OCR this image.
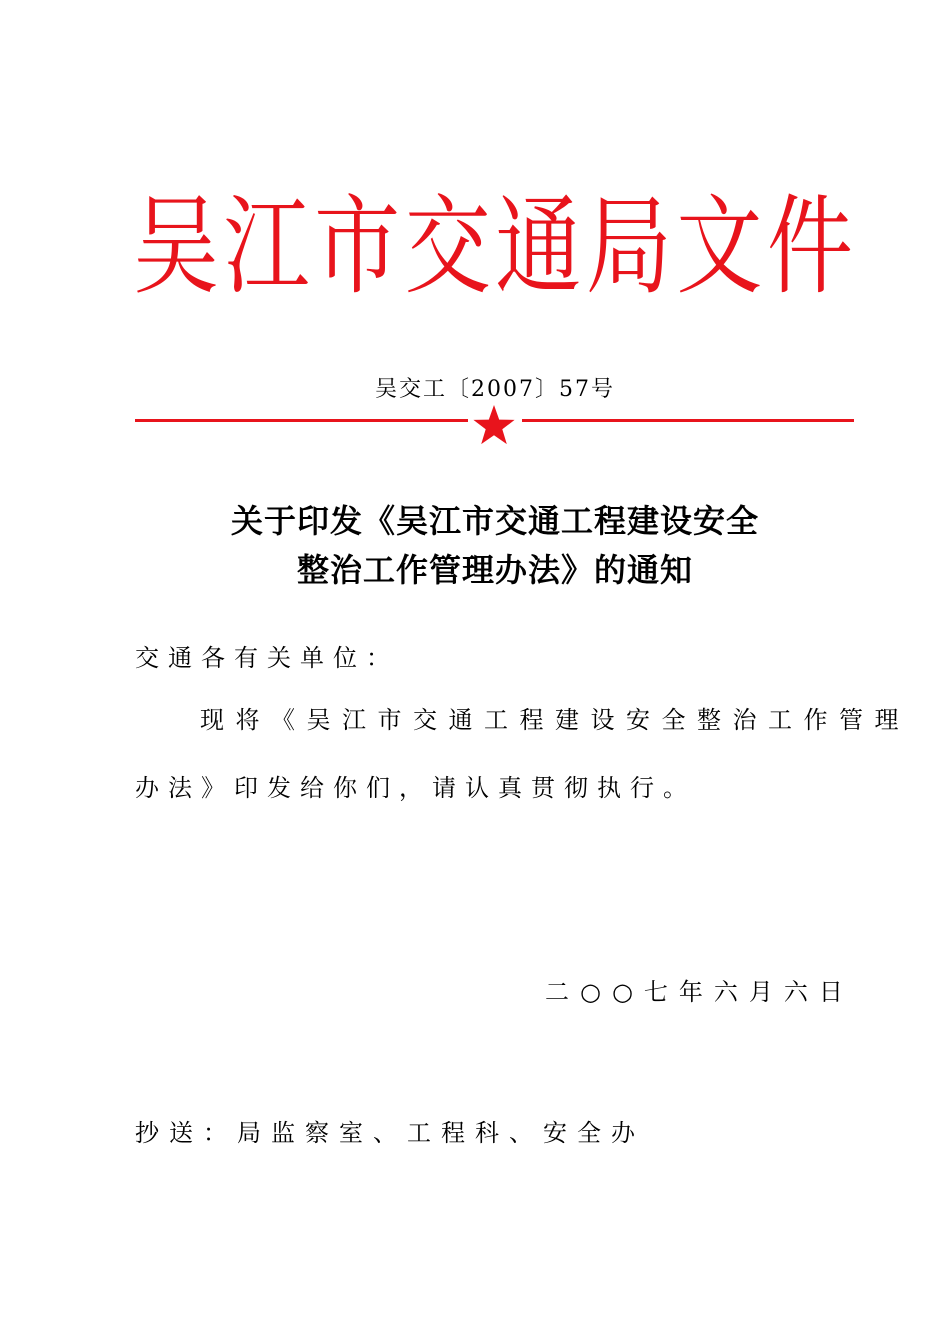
吴 江 市 交 通 局 文 件
吴交工〔2007〕57号
关于印发《吴江市交通工程建设安全
整治工作管理办法》的通知
交通各有关单位：
现将《吴江市交通工程建设安全整治工作管理
办法》印发给你们，请认真贯彻执行。
二○○七年六月六日
抄送：局监察室、工程科、安全办
